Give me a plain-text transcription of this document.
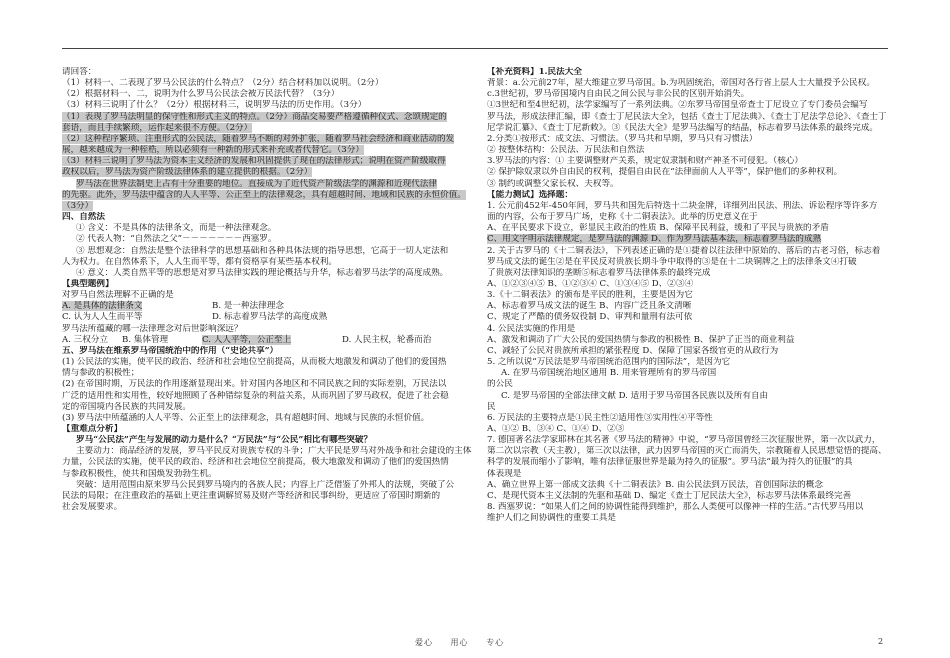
请回答：
（1）材料一、二表现了罗马公民法的什么特点？（2分）结合材料加以说明。（2分）
（2）根据材料一、二，说明为什么罗马公民法会被万民法代替？（3分）
（3）材料三说明了什么？（2分）根据材料三，说明罗马法的历史作用。（3分）
（1）表现了罗马法明显的保守性和形式主义的特点。（2分）商品交易要严格遵循种仪式、念颂规定的
套语，而且手续繁琐，运作起来很不方便。（2分）
（2）这种程序繁琐、注重形式的公民法，随着罗马不断的对外扩张，随着罗马社会经济和商业活动的发
展，越来越成为一种桎梏，所以必须有一种新的形式来补充或者代替它。（3分）
（3）材料三说明了罗马法为资本主义经济的发展和巩固提供了现在的法律形式；说明在资产阶级取得
政权以后，罗马法为资产阶级法律体系的建立提供的根据。（2分）
罗马法在世界法制史上占有十分重要的地位。直接成为了近代资产阶级法学的渊源和近现代法律
的先驱。此外，罗马法中蕴含的人人平等、公正至上的法律观念，具有超越时间、地域和民族的永恒价值。
（3分）
四、自然法
① 含义：不是具体的法律条文，而是一种法律观念。
② 代表人物：“自然法之父”－－－－－－－西塞罗。
③ 思想观念：自然法是整个法律科学的思想基础和各种具体法规的指导思想，它高于一切人定法和
人为权力。在自然体系下，人人生而平等，都有资格享有某些基本权利。
④ 意义：人类自然平等的思想是对罗马法律实践的理论概括与升华，标志着罗马法学的高度成熟。
【典型题例】
对罗马自然法理解不正确的是
A. 是具体的法律条文	B. 是一种法律理念
C. 认为人人生而平等	D. 标志着罗马法学的高度成熟
罗马法所蕴藏的哪一法律理念对后世影响深远？
A. 三权分立	B. 集体管理	C. 人人平等，公正至上	D. 人民主权，轮番而治
五、罗马法在维系罗马帝国统治中的作用（“史论共享”）
(1) 公民法的实施，使平民的政治、经济和社会地位空前提高，从而极大地激发和调动了他们的爱国热
情与参政的积极性；
(2) 在帝国时期，万民法的作用逐渐显现出来。针对国内各地区和不同民族之间的实际差别，万民法以
广泛的适用性和实用性，较好地照顾了各种错综复杂的利益关系，从而巩固了罗马政权，促进了社会稳
定的帝国境内各民族的共同发展。
(3) 罗马法中所蕴涵的人人平等、公正至上的法律观念，具有超越时间、地域与民族的永恒价值。
【重难点分析】
罗马“公民法”产生与发展的动力是什么？“万民法”与“公民”相比有哪些突破？
主要动力：商品经济的发展，罗马平民反对贵族专权的斗争；广大平民是罗马对外战争和社会建设的主体
力量，公民法的实施，使平民的政治、经济和社会地位空前提高，极大地激发和调动了他们的爱国热情
与参政积极性，使共和国焕发勃勃生机。
突破：适用范围由原来罗马公民到罗马境内的各族人民；内容上广泛借鉴了外邦人的法规，突破了公
民法的局限；在注重政治的基础上更注重调解贸易及财产等经济和民事纠纷，更适应了帝国时期新的
社会发展要求。
【补充资料】1.民法大全
背景：a.公元前27年，屋大维建立罗马帝国。b.为巩固统治，帝国对各行省上层人士大量授予公民权。
c.3世纪初，罗马帝国境内自由民之间公民与非公民的区别开始消失。
①3世纪和至4世纪初，法学家编写了一系列法典。②东罗马帝国皇帝查士丁尼设立了专门委员会编写
罗马法，形成法律汇编，即《查士丁尼民法大全》，包括《查士丁尼法典》、《查士丁尼法学总论》、《查士丁
尼学说汇纂》、《查士丁尼新敕》。③《民法大全》是罗马法编写的结晶，标志着罗马法体系的最终完成。
2.分类①按形式：成文法、习惯法。（罗马共和早期，罗马只有习惯法）
② 按整体结构：公民法、万民法和自然法
3.罗马法的内容：① 主要调整财产关系，规定奴隶制和财产神圣不可侵犯。（核心）
② 保护除奴隶以外自由民的权利，提倡自由民在“法律面前人人平等”，保护他们的多种权利。
③ 制约或调整父家长权、夫权等。
【能力测试】选择题：
1. 公元前452年-450年间，罗马共和国先后特迭十二块金牌，详细列出民法、刑法、诉讼程序等许多方
面的内容，公布于罗马广场，史称《十二铜表法》。此举的历史意义在于
A、在平民要求下设立，彰显民主政治的性质 B、保障平民利益，缓和了平民与贵族的矛盾
C、用文字明示法律规定，是罗马法的渊源 D、作为罗马法基本法，标志着罗马法的成熟
2. 关于古罗马的《十二铜表法》，下列表述正确的是①捷着以往法律中原始的、落后的古老习俗，标志着
罗马成文法的诞生②是在平民反对贵族长期斗争中取得的③是在十二块铜牌之上的法律条文④打破
了贵族对法律知识的垄断⑤标志着罗马法律体系的最终完成
A、①②③④⑤ B、①②③④ C、①③④⑤ D、②③④
3.《十二铜表法》的颁布是平民的胜利，主要是因为它
A、标志着罗马成文法的诞生 B、内容广泛且条文清晰
C、规定了严酷的债务奴役制 D、审判和量刑有法可依
4. 公民法实施的作用是
A、激发和调动了广大公民的爱国热情与参政的积极性 B、保护了正当的商业利益
C、减轻了公民对贵族所承担的紧张程度 D、保障了国家各级官吏的从政行为
5. 之所以说“万民法是罗马帝国统治范围内的国际法”，是因为它
A. 在罗马帝国统治地区通用 B. 用来管理所有的罗马帝国
的公民
C. 是罗马帝国的全部法律文献 D. 适用于罗马帝国各民族以及所有自由
民
6. 万民法的主要特点是①民主性②适用性③实用性④平等性
A、①② B、③④ C、①④ D、②③
7. 德国著名法学家耶林在其名著《罗马法的精神》中说，“罗马帝国曾经三次征服世界，第一次以武力，
第二次以宗教（天主教），第三次以法律，武力因罗马帝国的灭亡而消失，宗教随着人民思想觉悟的提高、
科学的发展而缩小了影响，唯有法律征服世界是最为持久的征服”。罗马法“最为持久的征服”的具
体表现是
A、确立世界上第一部成文法典《十二铜表法》B. 由公民法到万民法，首创国际法的概念
C、是现代资本主义法制的先驱和基础 D、编定《查士丁尼民法大全》，标志罗马法体系最终完善
8. 西塞罗说：“如果人们之间的协调性能得到维护，那么人类便可以像神一样的生活。”古代罗马用以
维护人们之间协调性的重要工具是
爱心 用心 专心	2
